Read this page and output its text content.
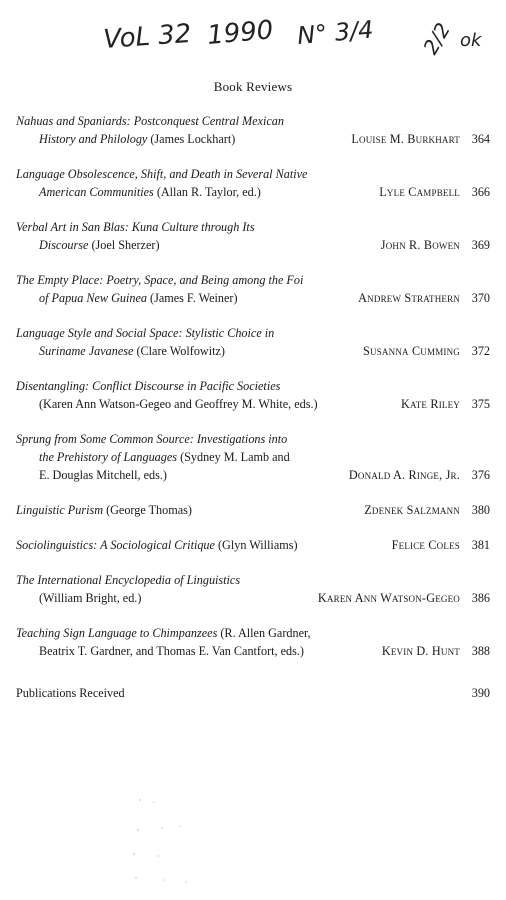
VoL 32 1990 N° 3/4 2/2 ok
Book Reviews
Nahuas and Spaniards: Postconquest Central Mexican
History and Philology (James Lockhart)	Louise M. Burkhart 364
Language Obsolescence, Shift, and Death in Several Native
American Communities (Allan R. Taylor, ed.)	Lyle Campbell 366
Verbal Art in San Blas: Kuna Culture through Its
Discourse (Joel Sherzer)	John R. Bowen 369
The Empty Place: Poetry, Space, and Being among the Foi
of Papua New Guinea (James F. Weiner)	Andrew Strathern 370
Language Style and Social Space: Stylistic Choice in
Suriname Javanese (Clare Wolfowitz)	Susanna Cumming 372
Disentangling: Conflict Discourse in Pacific Societies
(Karen Ann Watson-Gegeo and Geoffrey M. White, eds.)	Kate Riley 375
Sprung from Some Common Source: Investigations into
the Prehistory of Languages (Sydney M. Lamb and
E. Douglas Mitchell, eds.)	Donald A. Ringe, Jr. 376
Linguistic Purism (George Thomas)	Zdenek Salzmann 380
Sociolinguistics: A Sociological Critique (Glyn Williams)	Felice Coles 381
The International Encyclopedia of Linguistics
(William Bright, ed.)	Karen Ann Watson-Gegeo 386
Teaching Sign Language to Chimpanzees (R. Allen Gardner,
Beatrix T. Gardner, and Thomas E. Van Cantfort, eds.)	Kevin D. Hunt 388
Publications Received	390
